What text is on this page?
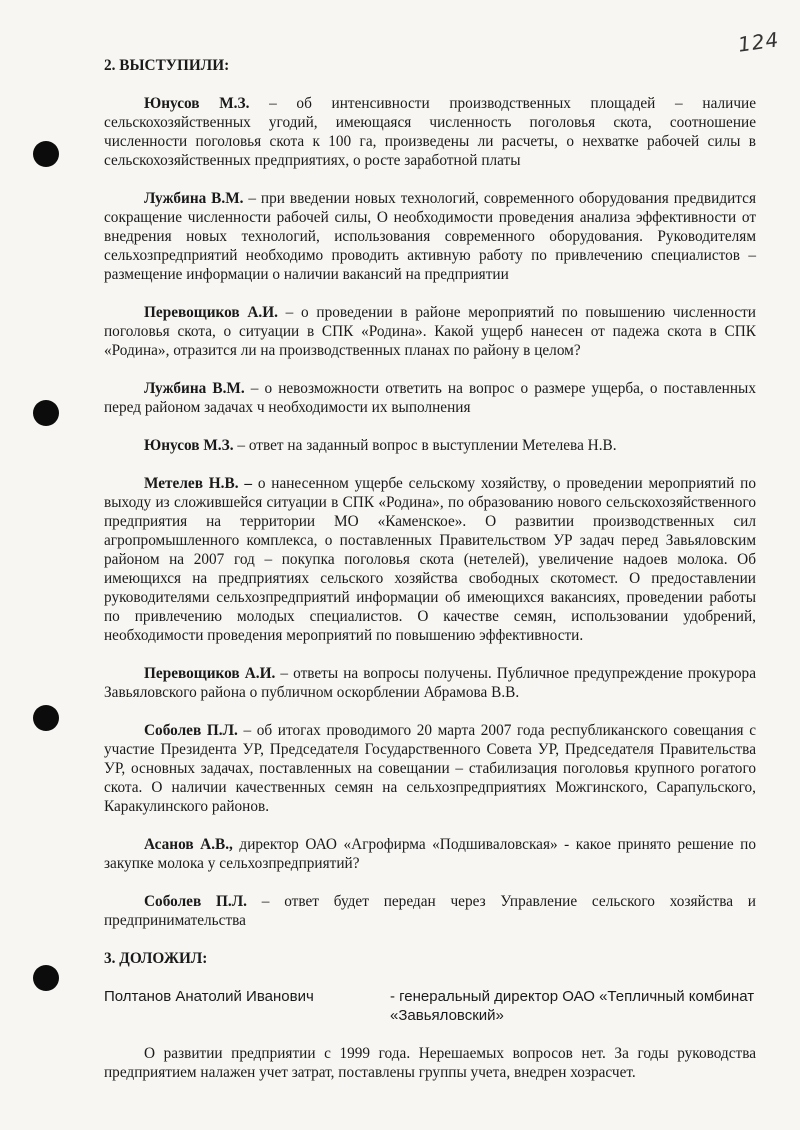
124
2. ВЫСТУПИЛИ:

Юнусов М.З. – об интенсивности производственных площадей – наличие сельскохозяйственных угодий, имеющаяся численность поголовья скота, соотношение численности поголовья скота к 100 га, произведены ли расчеты, о нехватке рабочей силы в сельскохозяйственных предприятиях, о росте заработной платы

Лужбина В.М. – при введении новых технологий, современного оборудования предвидится сокращение численности рабочей силы, О необходимости проведения анализа эффективности от внедрения новых технологий, использования современного оборудования. Руководителям сельхозпредприятий необходимо проводить активную работу по привлечению специалистов – размещение информации о наличии вакансий на предприятии

Перевощиков А.И. – о проведении в районе мероприятий по повышению численности поголовья скота, о ситуации в СПК «Родина». Какой ущерб нанесен от падежа скота в СПК «Родина», отразится ли на производственных планах по району в целом?

Лужбина В.М. – о невозможности ответить на вопрос о размере ущерба, о поставленных перед районом задачах ч необходимости их выполнения

Юнусов М.З. – ответ на заданный вопрос в выступлении Метелева Н.В.

Метелев Н.В. – о нанесенном ущербе сельскому хозяйству, о проведении мероприятий по выходу из сложившейся ситуации в СПК «Родина», по образованию нового сельскохозяйственного предприятия на территории МО «Каменское». О развитии производственных сил агропромышленного комплекса, о поставленных Правительством УР задач перед Завьяловским районом на 2007 год – покупка поголовья скота (нетелей), увеличение надоев молока. Об имеющихся на предприятиях сельского хозяйства свободных скотомест. О предоставлении руководителями сельхозпредприятий информации об имеющихся вакансиях, проведении работы по привлечению молодых специалистов. О качестве семян, использовании удобрений, необходимости проведения мероприятий по повышению эффективности.

Перевощиков А.И. – ответы на вопросы получены. Публичное предупреждение прокурора Завьяловского района о публичном оскорблении Абрамова В.В.

Соболев П.Л. – об итогах проводимого 20 марта 2007 года республиканского совещания с участие Президента УР, Председателя Государственного Совета УР, Председателя Правительства УР, основных задачах, поставленных на совещании – стабилизация поголовья крупного рогатого скота. О наличии качественных семян на сельхозпредприятиях Можгинского, Сарапульского, Каракулинского районов.

Асанов А.В., директор ОАО «Агрофирма «Подшиваловская» - какое принято решение по закупке молока у сельхозпредприятий?

Соболев П.Л. – ответ будет передан через Управление сельского хозяйства и предпринимательства

3. ДОЛОЖИЛ:
Полтанов Анатолий Иванович	- генеральный директор ОАО «Тепличный комбинат «Завьяловский»

О развитии предприятии с 1999 года. Нерешаемых вопросов нет. За годы руководства предприятием налажен учет затрат, поставлены группы учета, внедрен хозрасчет.
